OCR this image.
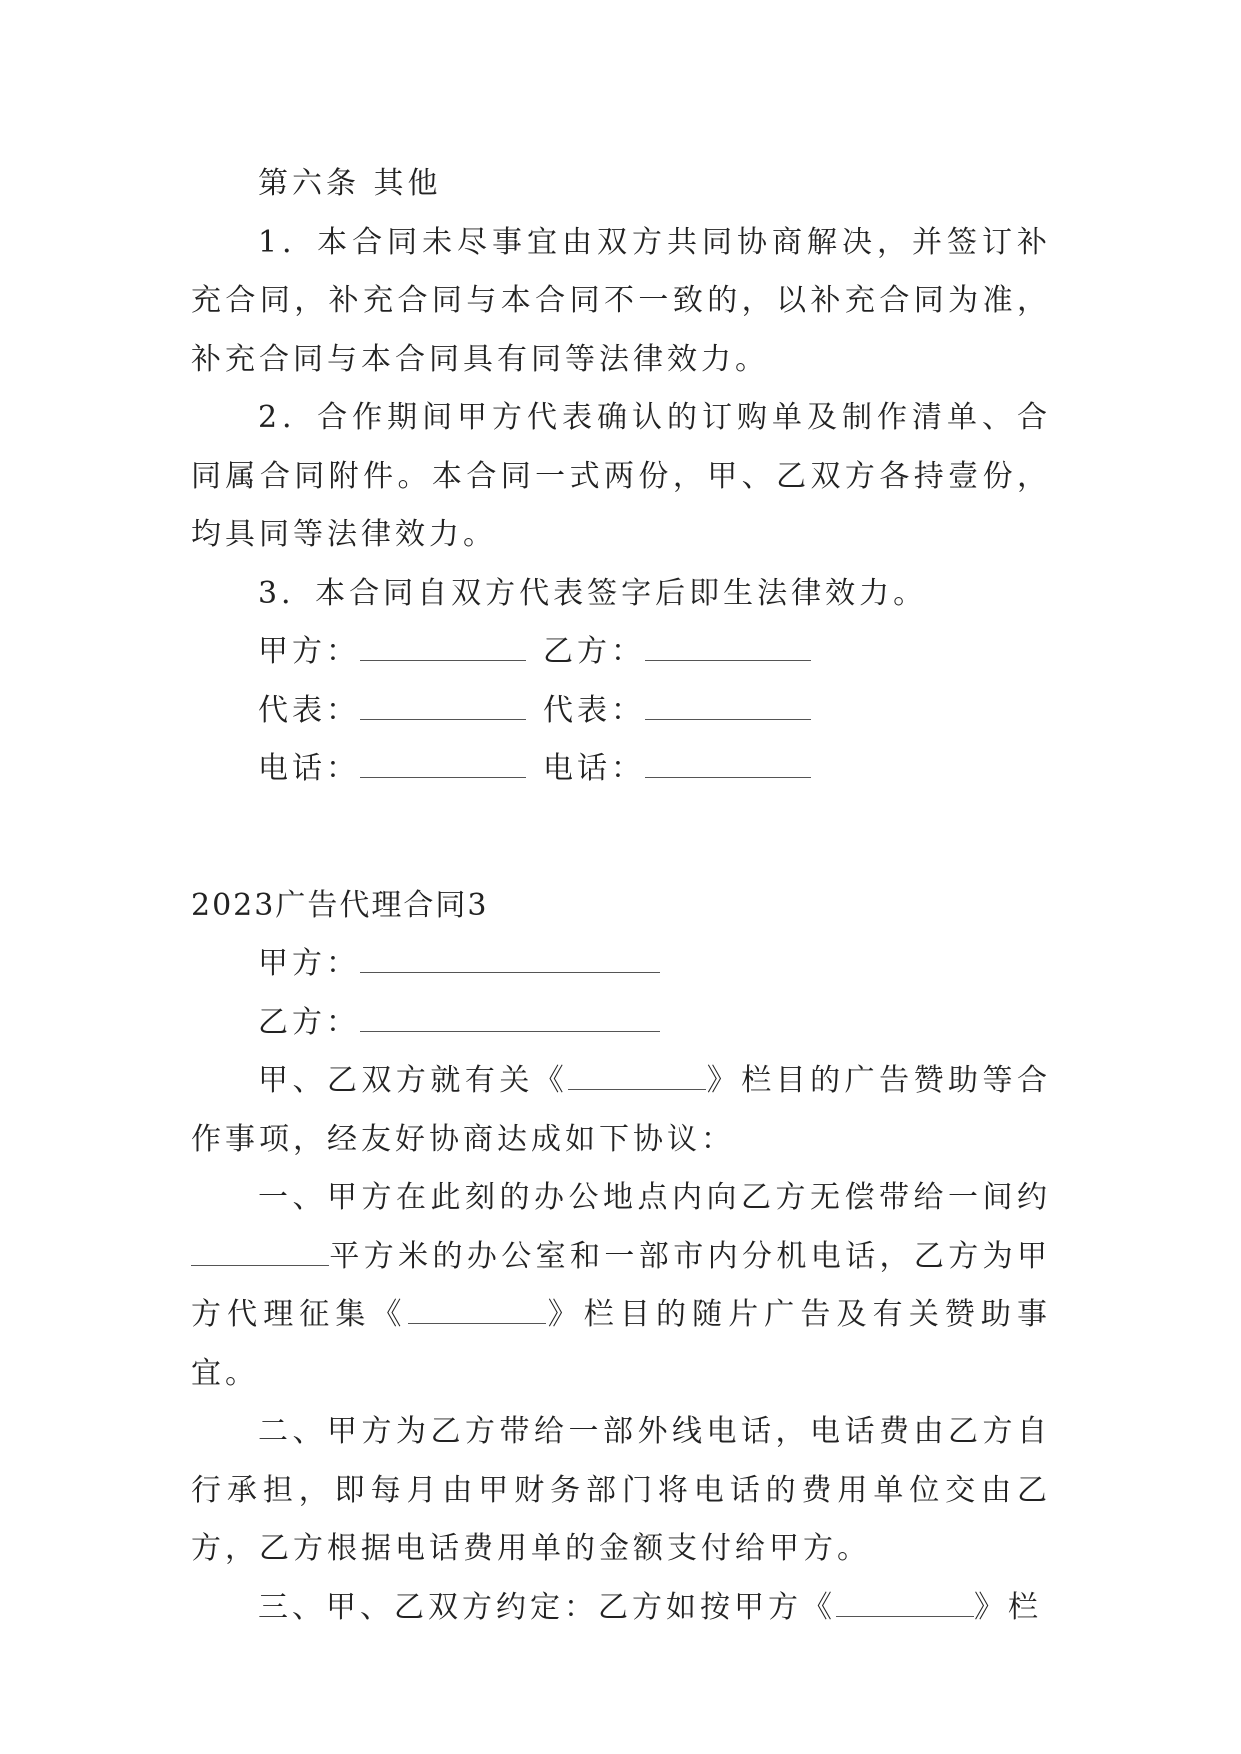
第六条 其他

1．本合同未尽事宜由双方共同协商解决，并签订补充合同，补充合同与本合同不一致的，以补充合同为准，补充合同与本合同具有同等法律效力。

2．合作期间甲方代表确认的订购单及制作清单、合同属合同附件。本合同一式两份，甲、乙双方各持壹份，均具同等法律效力。

3．本合同自双方代表签字后即生法律效力。

甲方：	乙方：
代表：	代表：
电话：	电话：

2023广告代理合同3

甲方：
乙方：

甲、乙双方就有关《	》栏目的广告赞助等合作事项，经友好协商达成如下协议：

一、甲方在此刻的办公地点内向乙方无偿带给一间约平方米的办公室和一部市内分机电话，乙方为甲方代理征集《	》栏目的随片广告及有关赞助事宜。

二、甲方为乙方带给一部外线电话，电话费由乙方自行承担，即每月由甲财务部门将电话的费用单位交由乙方，乙方根据电话费用单的金额支付给甲方。

三、甲、乙双方约定：乙方如按甲方《	》栏
